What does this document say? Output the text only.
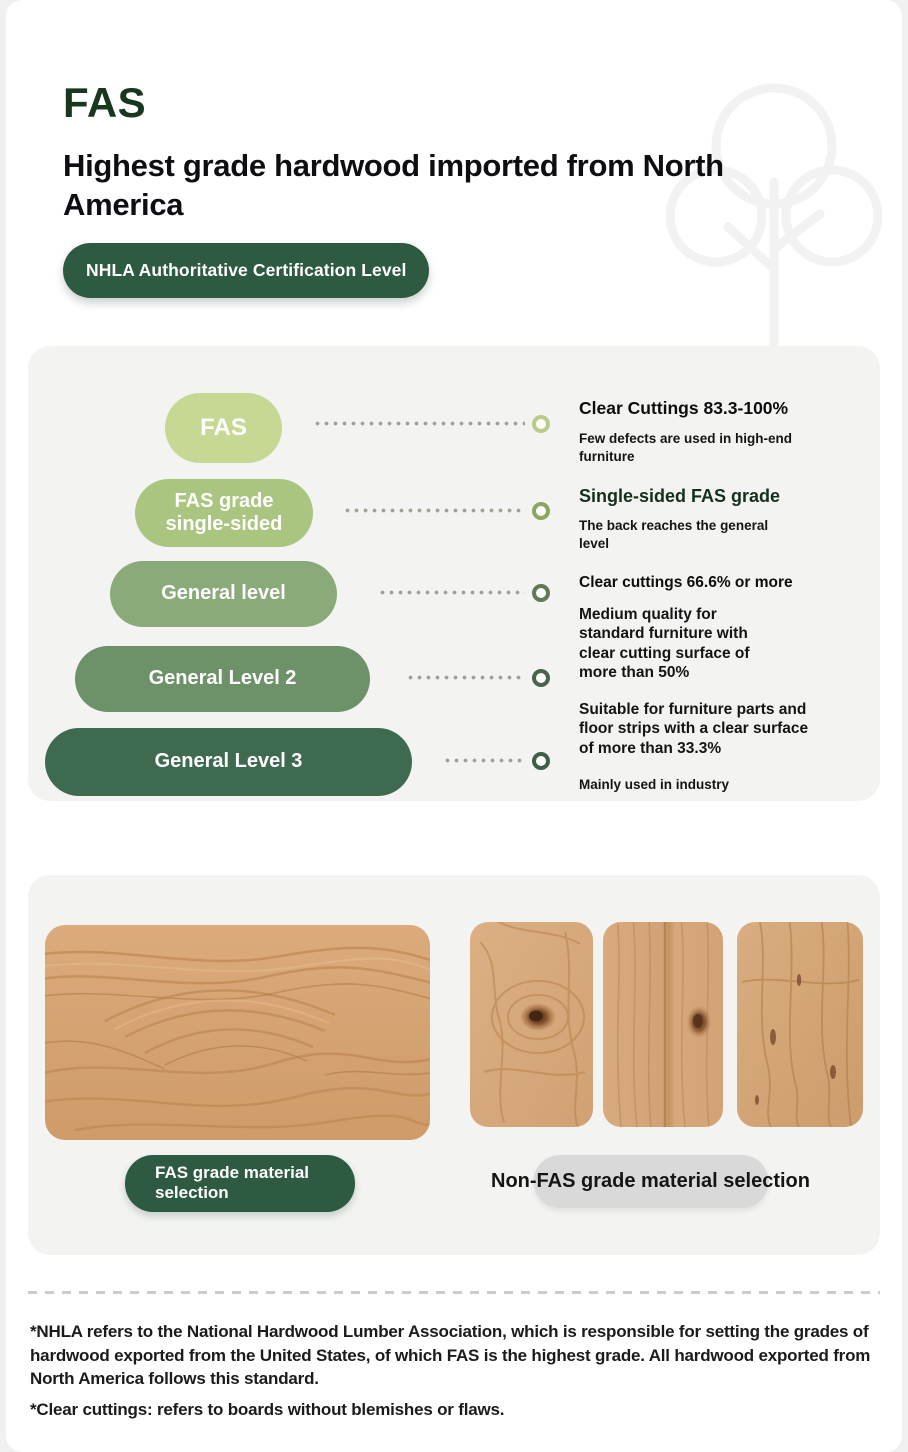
FAS
Highest grade hardwood imported from North America
NHLA Authoritative Certification Level
FAS
FAS grade single-sided
General level
General Level 2
General Level 3
Clear Cuttings 83.3-100%
Few defects are used in high-end furniture
Single-sided FAS grade
The back reaches the general level
Clear cuttings 66.6% or more
Medium quality for standard furniture with clear cutting surface of more than 50%
Suitable for furniture parts and floor strips with a clear surface of more than 33.3%
Mainly used in industry
FAS grade material selection
Non-FAS grade material selection
*NHLA refers to the National Hardwood Lumber Association, which is responsible for setting the grades of hardwood exported from the United States, of which FAS is the highest grade. All hardwood exported from North America follows this standard.
*Clear cuttings: refers to boards without blemishes or flaws.
